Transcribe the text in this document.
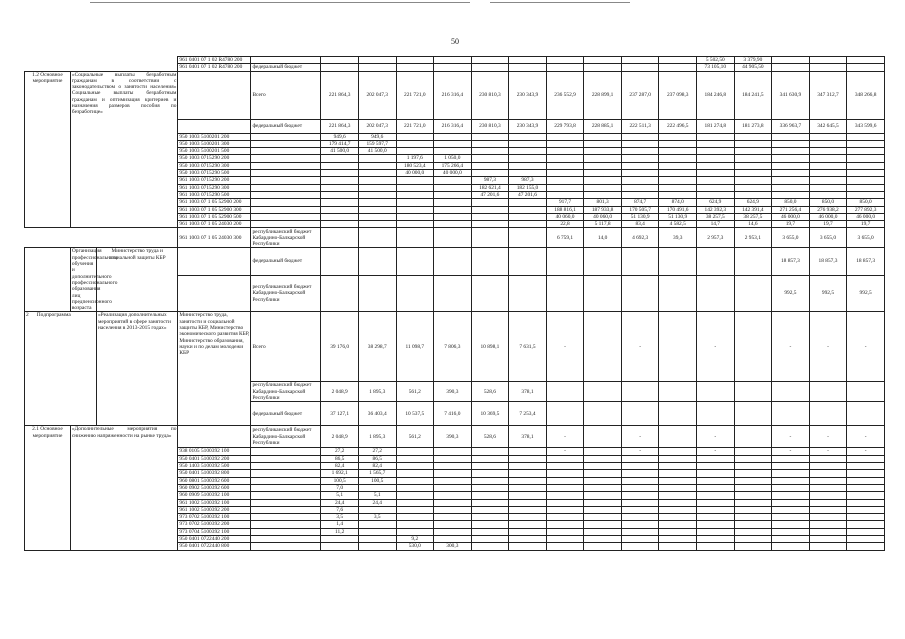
50
			961 0401 07 1 02 R4780 200												5 502,50	3 379,90			
			961 0401 07 1 02 R4780 200	федеральный бюджет											73 105,10	44 905,50			
1.2 Основное мероприятие	«Социальные выплаты безработным гражданам в соответствии с законодательством о занятости населения» Социальные выплаты безработным гражданам и оптимизация критериев и назначения размеров пособия по безработице»			Всего	221 864,3	202 047,3	221 721,0	216 316,4	230 810,3	230 343,9	236 552,9	228 899,1	237 287,0	237 098,3	184 246,8	184 241,5	341 630,9	347 312,7	348 266,8
				федеральный бюджет	221 864,3	202 047,3	221 721,0	216 316,4	230 810,3	230 343,9	229 793,8	228 885,1	222 511,3	222 496,5	181 274,8	181 273,8	336 963,7	342 645,5	343 599,6
			950 1003 5100201 200		949,6	949,6													
			950 1003 5100201 300		179 414,7	159 597,7													
			950 1003 5100201 500		41 500,0	41 500,0													
			950 1003 0715290 200				1 197,6	1 050,0											
			950 1003 0715290 300				180 523,4	175 266,4											
			950 1003 0715290 500				40 000,0	40 000,0											
			961 1003 0715290 200						987,3	987,3									
			961 1003 0715290 300						182 621,4	182 155,0									
			961 1003 0715290 500						47 201,6	47 201,6									
			961 1003 07 1 05 52900 200								917,7	801,3	874,7	874,0	624,9	624,9	850,0	850,0	850,0
			961 1003 07 1 05 52900 300								188 816,1	187 933,8	170 505,7	170 491,6	142 392,3	142 391,4	271 256,4	276 938,2	277 892,3
			961 1003 07 1 05 52900 500								40 060,0	40 060,0	51 130,9	51 130,9	38 257,5	38 257,5	46 000,0	46 000,0	46 000,0
			961 1003 07 1 05 24030 200								22,8	5 117,8	83,4	4 582,5	14,7	14,6	19,7	19,7	19,7
			961 1003 07 1 05 24030 300	республиканский бюджет Кабардино-Балкарской Республики							6 759,1	14,0	4 692,3	39,3	2 957,3	2 953,1	3 655,0	3 655,0	3 655,0
	Организация профессионального обучения и дополнительного профессионального образования лиц предпенсионного возраста	Министерство труда и социальной защиты КБР		федеральный бюджет													18 857,3	18 857,3	18 857,3
				республиканский бюджет Кабардино-Балкарской Республики													992,5	992,5	992,5
2      Подпрограмма		«Реализация дополнительных мероприятий в сфере занятости населения в 2013-2015 годах»	Министерство труда, занятости и социальной защиты КБР, Министерство экономического развития КБР, Министерство образования, науки и по делам молодежи КБР	Всего	39 176,0	38 298,7	11 098,7	7 806,3	10 898,1	7 631,5	-		-		-		-	-	-
				республиканский бюджет Кабардино-Балкарской Республики	2 048,9	1 895,3	561,2	390,3	528,6	378,1									
				федеральный бюджет	37 127,1	36 403,4	10 537,5	7 416,0	10 369,5	7 253,4									
2.1 Основное мероприятие	«Дополнительные мероприятия по снижению напряженности на рынке труда»			республиканский бюджет Кабардино-Балкарской Республики	2 048,9	1 895,3	561,2	390,3	528,6	378,1	-		-		-		-	-	-
			938 0105 5100392 100		27,2	27,2					-		-		-		-	-	-
			950 0401 5100392 200		86,5	86,5													
			950 1403 5100392 500		82,4	82,4													
			950 0401 5100392 800		1 692,1	1 565,7													
			960 0801 5100392 600		100,5	100,5													
			960 0902 5100392 600		7,0														
			960 0909 5100392 100		5,1	5,1													
			961 1002 5100392 100		24,4	24,4													
			961 1002 5100392 200		7,6														
			973 0702 5100392 100		3,5	3,5													
			973 0702 5100392 200		1,4														
			973 0704 5100392 100		11,2														
			950 0401 0722440 200				9,2												
			950 0401 0722440 800				530,0	300,3											
